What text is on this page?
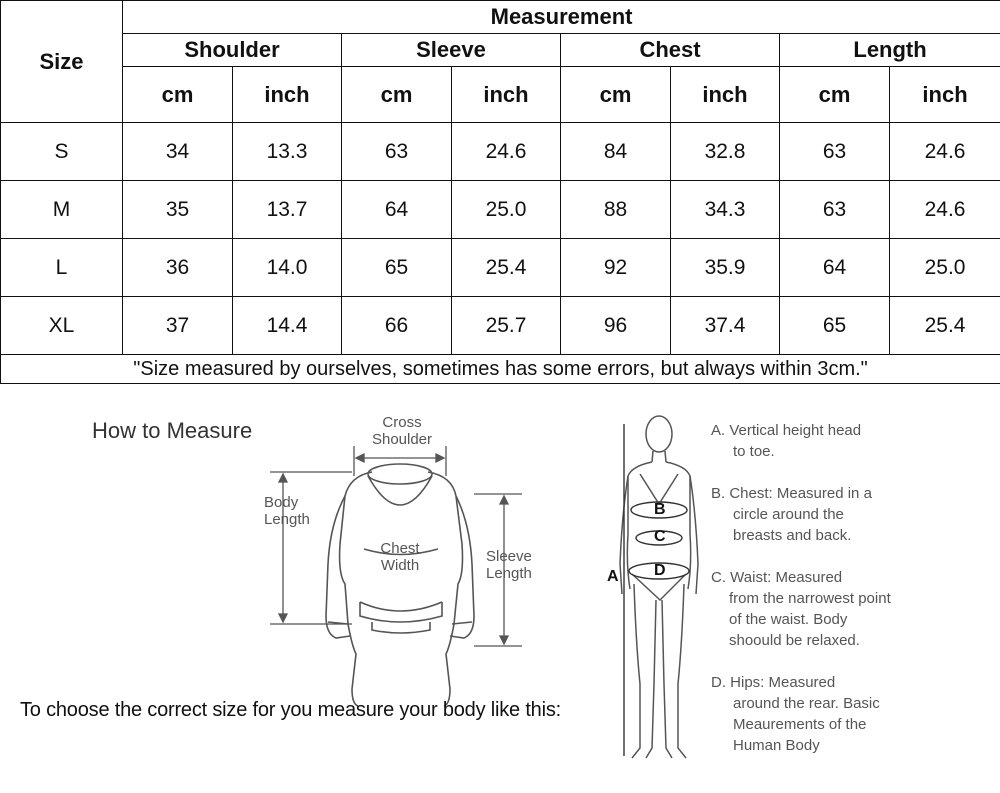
Size	Measurement							
	Shoulder		Sleeve		Chest		Length	
	cm	inch	cm	inch	cm	inch	cm	inch
S	34	13.3	63	24.6	84	32.8	63	24.6
M	35	13.7	64	25.0	88	34.3	63	24.6
L	36	14.0	65	25.4	92	35.9	64	25.0
XL	37	14.4	66	25.7	96	37.4	65	25.4
"Size measured by ourselves, sometimes has some errors, but always within 3cm."								
How to Measure	Cross Shoulder
Body Length
Chest Width
Sleeve Length
To choose the correct size for you measure your body like this:
A
B
C
D
A. Vertical height head
to toe.
B. Chest: Measured in a
circle around the breasts and back.
C. Waist: Measured
from the narrowest point of the waist. Body shoould be relaxed.
D. Hips: Measured
around the rear. Basic Meaurements of the Human Body
